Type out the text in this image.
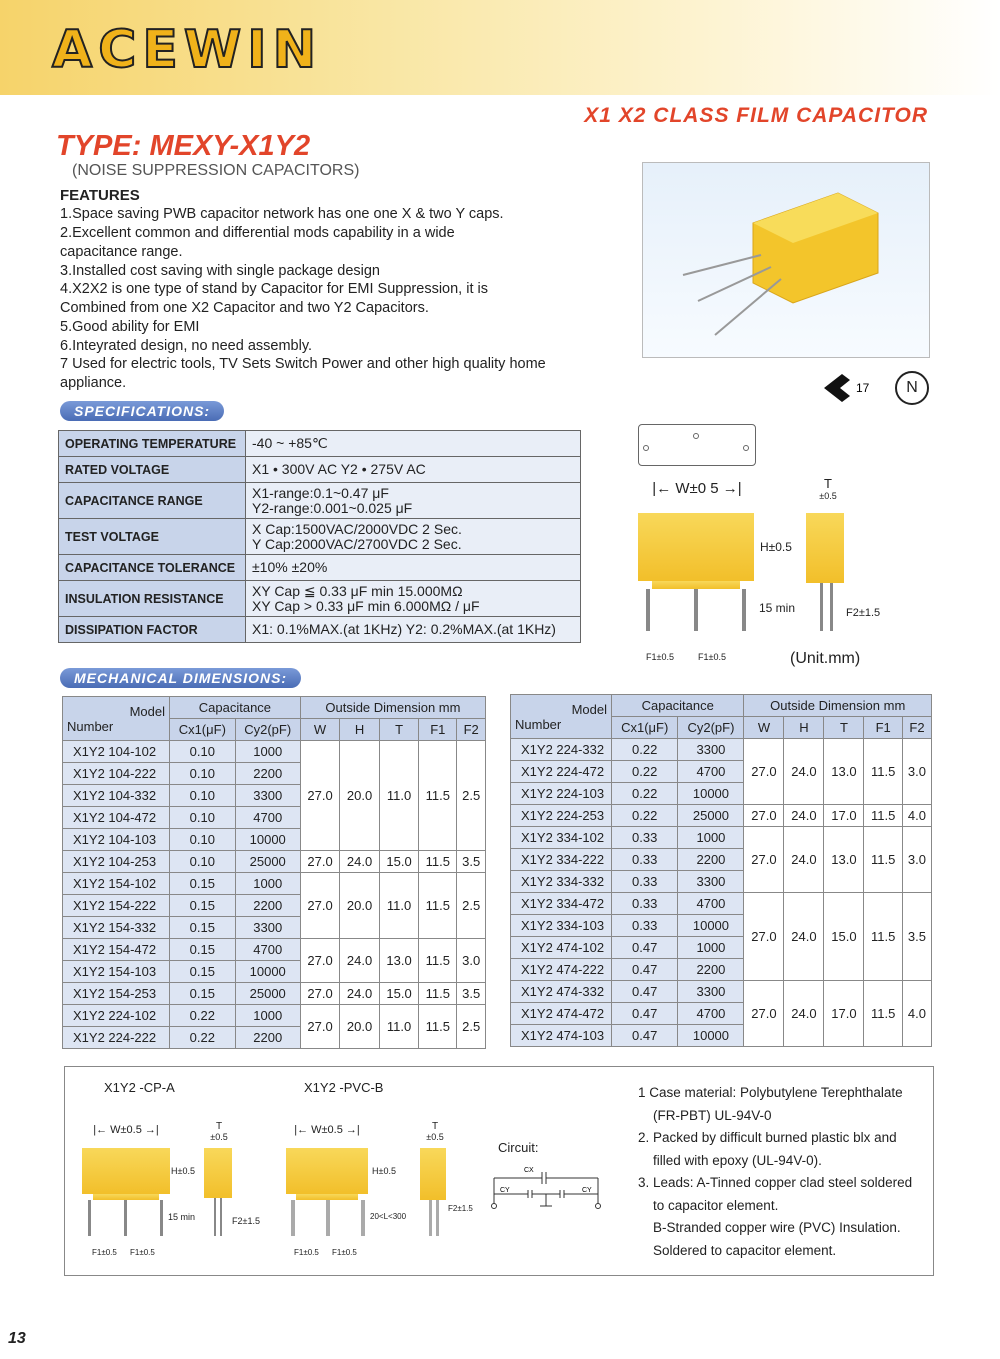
ACEWIN
X1 X2 CLASS FILM CAPACITOR
TYPE: MEXY-X1Y2
(NOISE SUPPRESSION CAPACITORS)
FEATURES
1.Space saving PWB capacitor network has one one X & two Y caps.
2.Excellent common and differential mods capability in a wide capacitance range.
3.Installed cost saving with single package design
4.X2X2 is one type of stand by Capacitor for EMI Suppression, it is Combined from one X2 Capacitor and two Y2 Capacitors.
5.Good ability for EMI
6.Inteyrated design, no need assembly.
7 Used for electric tools, TV Sets Switch Power and other high quality home appliance.	17	N
SPECIFICATIONS:
OPERATING TEMPERATURE	-40 ~ +85℃
RATED VOLTAGE	X1 • 300V AC Y2 • 275V AC
CAPACITANCE RANGE	X1-range:0.1~0.47 μF
Y2-range:0.001~0.025 μF

TEST VOLTAGE	X Cap:1500VAC/2000VDC 2 Sec.
Y Cap:2000VAC/2700VDC 2 Sec.

CAPACITANCE TOLERANCE	±10% ±20%
INSULATION RESISTANCE	XY Cap ≦ 0.33 μF min 15.000MΩ
XY Cap > 0.33 μF min 6.000MΩ / μF

DISSIPATION FACTOR	X1: 0.1%MAX.(at 1KHz) Y2: 0.2%MAX.(at 1KHz)
|← W±0 5 →|	T
±0.5
H±0.5
15 min	F2±1.5
F1±0.5	F1±0.5	(Unit.mm)
MECHANICAL DIMENSIONS:
Model
Number	Capacitance		Outside Dimension mm				
	Cx1(μF)	Cy2(pF)	W	H	T	F1	F2
X1Y2 104-102	0.10	1000	27.0	20.0	11.0	11.5	2.5
X1Y2 104-222	0.10	2200					
X1Y2 104-332	0.10	3300					
X1Y2 104-472	0.10	4700					
X1Y2 104-103	0.10	10000					
X1Y2 104-253	0.10	25000	27.0	24.0	15.0	11.5	3.5
X1Y2 154-102	0.15	1000	27.0	20.0	11.0	11.5	2.5
X1Y2 154-222	0.15	2200					
X1Y2 154-332	0.15	3300					
X1Y2 154-472	0.15	4700	27.0	24.0	13.0	11.5	3.0
X1Y2 154-103	0.15	10000					
X1Y2 154-253	0.15	25000	27.0	24.0	15.0	11.5	3.5
X1Y2 224-102	0.22	1000	27.0	20.0	11.0	11.5	2.5
X1Y2 224-222	0.22	2200					
Model
Number	Capacitance		Outside Dimension mm				
	Cx1(μF)	Cy2(pF)	W	H	T	F1	F2
X1Y2 224-332	0.22	3300	27.0	24.0	13.0	11.5	3.0
X1Y2 224-472	0.22	4700					
X1Y2 224-103	0.22	10000					
X1Y2 224-253	0.22	25000	27.0	24.0	17.0	11.5	4.0
X1Y2 334-102	0.33	1000	27.0	24.0	13.0	11.5	3.0
X1Y2 334-222	0.33	2200					
X1Y2 334-332	0.33	3300					
X1Y2 334-472	0.33	4700	27.0	24.0	15.0	11.5	3.5
X1Y2 334-103	0.33	10000					
X1Y2 474-102	0.47	1000					
X1Y2 474-222	0.47	2200					
X1Y2 474-332	0.47	3300	27.0	24.0	17.0	11.5	4.0
X1Y2 474-472	0.47	4700					
X1Y2 474-103	0.47	10000					
X1Y2 -CP-A	X1Y2 -PVC-B
|← W±0.5 →|	T
±0.5
H±0.5
15 min	F2±1.5
F1±0.5 F1±0.5
|← W±0.5 →|	T
±0.5
H±0.5
20<L<300
F2±1.5
F1±0.5 F1±0.5
Circuit:
CX
CY	CY
1 Case material: Polybutylene Terephthalate
(FR-PBT) UL-94V-0
2. Packed by difficult burned plastic blx and
filled with epoxy (UL-94V-0).
3. Leads: A-Tinned copper clad steel soldered
to capacitor element.
B-Stranded copper wire (PVC) Insulation.
Soldered to capacitor element.
13
